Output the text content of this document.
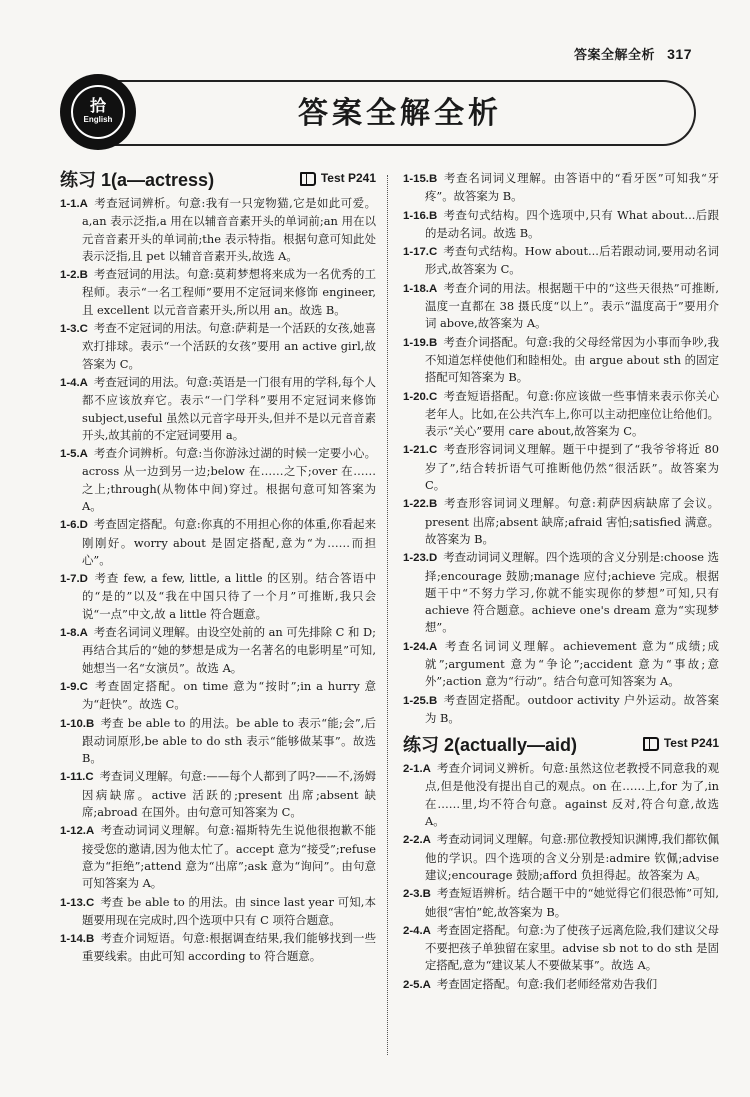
答案全解全析 317
拾
English	答案全解全析
练习 1(a—actress)	Test P241
1-1.A 考查冠词辨析。句意:我有一只宠物猫,它是如此可爱。a,an 表示泛指,a 用在以辅音音素开头的单词前;an 用在以元音音素开头的单词前;the 表示特指。根据句意可知此处表示泛指,且 pet 以辅音音素开头,故选 A。
1-2.B 考查冠词的用法。句意:莫莉梦想将来成为一名优秀的工程师。表示“一名工程师”要用不定冠词来修饰 engineer,且 excellent 以元音音素开头,所以用 an。故选 B。
1-3.C 考查不定冠词的用法。句意:萨莉是一个活跃的女孩,她喜欢打排球。表示“一个活跃的女孩”要用 an active girl,故答案为 C。
1-4.A 考查冠词的用法。句意:英语是一门很有用的学科,每个人都不应该放弃它。表示“一门学科”要用不定冠词来修饰 subject,useful 虽然以元音字母开头,但并不是以元音音素开头,故其前的不定冠词要用 a。
1-5.A 考查介词辨析。句意:当你游泳过湖的时候一定要小心。across 从一边到另一边;below 在……之下;over 在……之上;through(从物体中间)穿过。根据句意可知答案为 A。
1-6.D 考查固定搭配。句意:你真的不用担心你的体重,你看起来刚刚好。worry about 是固定搭配,意为“为……而担心”。
1-7.D 考查 few, a few, little, a little 的区别。结合答语中的“是的”以及“我在中国只待了一个月”可推断,我只会说“一点”中文,故 a little 符合题意。
1-8.A 考查名词词义理解。由设空处前的 an 可先排除 C 和 D;再结合其后的“她的梦想是成为一名著名的电影明星”可知,她想当一名“女演员”。故选 A。
1-9.C 考查固定搭配。on time 意为“按时”;in a hurry 意为“赶快”。故选 C。
1-10.B 考查 be able to 的用法。be able to 表示“能;会”,后跟动词原形,be able to do sth 表示“能够做某事”。故选 B。
1-11.C 考查词义理解。句意:——每个人都到了吗?——不,汤姆因病缺席。active 活跃的;present 出席;absent 缺席;abroad 在国外。由句意可知答案为 C。
1-12.A 考查动词词义理解。句意:福斯特先生说他很抱歉不能接受您的邀请,因为他太忙了。accept 意为“接受”;refuse 意为“拒绝”;attend 意为“出席”;ask 意为“询问”。由句意可知答案为 A。
1-13.C 考查 be able to 的用法。由 since last year 可知,本题要用现在完成时,四个选项中只有 C 项符合题意。
1-14.B 考查介词短语。句意:根据调查结果,我们能够找到一些重要线索。由此可知 according to 符合题意。
1-15.B 考查名词词义理解。由答语中的“看牙医”可知我“牙疼”。故答案为 B。
1-16.B 考查句式结构。四个选项中,只有 What about...后跟的是动名词。故选 B。
1-17.C 考查句式结构。How about...后若跟动词,要用动名词形式,故答案为 C。
1-18.A 考查介词的用法。根据题干中的“这些天很热”可推断,温度一直都在 38 摄氏度“以上”。表示“温度高于”要用介词 above,故答案为 A。
1-19.B 考查介词搭配。句意:我的父母经常因为小事而争吵,我不知道怎样使他们和睦相处。由 argue about sth 的固定搭配可知答案为 B。
1-20.C 考查短语搭配。句意:你应该做一些事情来表示你关心老年人。比如,在公共汽车上,你可以主动把座位让给他们。表示“关心”要用 care about,故答案为 C。
1-21.C 考查形容词词义理解。题干中提到了“我爷爷将近 80 岁了”,结合转折语气可推断他仍然“很活跃”。故答案为 C。
1-22.B 考查形容词词义理解。句意:莉萨因病缺席了会议。present 出席;absent 缺席;afraid 害怕;satisfied 满意。故答案为 B。
1-23.D 考查动词词义理解。四个选项的含义分别是:choose 选择;encourage 鼓励;manage 应付;achieve 完成。根据题干中“不努力学习,你就不能实现你的梦想”可知,只有 achieve 符合题意。achieve one's dream 意为“实现梦想”。
1-24.A 考查名词词义理解。achievement 意为“成绩;成就”;argument 意为“争论”;accident 意为“事故;意外”;action 意为“行动”。结合句意可知答案为 A。
1-25.B 考查固定搭配。outdoor activity 户外运动。故答案为 B。
练习 2(actually—aid)	Test P241
2-1.A 考查介词词义辨析。句意:虽然这位老教授不同意我的观点,但是他没有提出自己的观点。on 在……上,for 为了,in 在……里,均不符合句意。against 反对,符合句意,故选 A。
2-2.A 考查动词词义理解。句意:那位教授知识渊博,我们都钦佩他的学识。四个选项的含义分别是:admire 钦佩;advise 建议;encourage 鼓励;afford 负担得起。故答案为 A。
2-3.B 考查短语辨析。结合题干中的“她觉得它们很恐怖”可知,她很“害怕”蛇,故答案为 B。
2-4.A 考查固定搭配。句意:为了使孩子远离危险,我们建议父母不要把孩子单独留在家里。advise sb not to do sth 是固定搭配,意为“建议某人不要做某事”。故选 A。
2-5.A 考查固定搭配。句意:我们老师经常劝告我们
